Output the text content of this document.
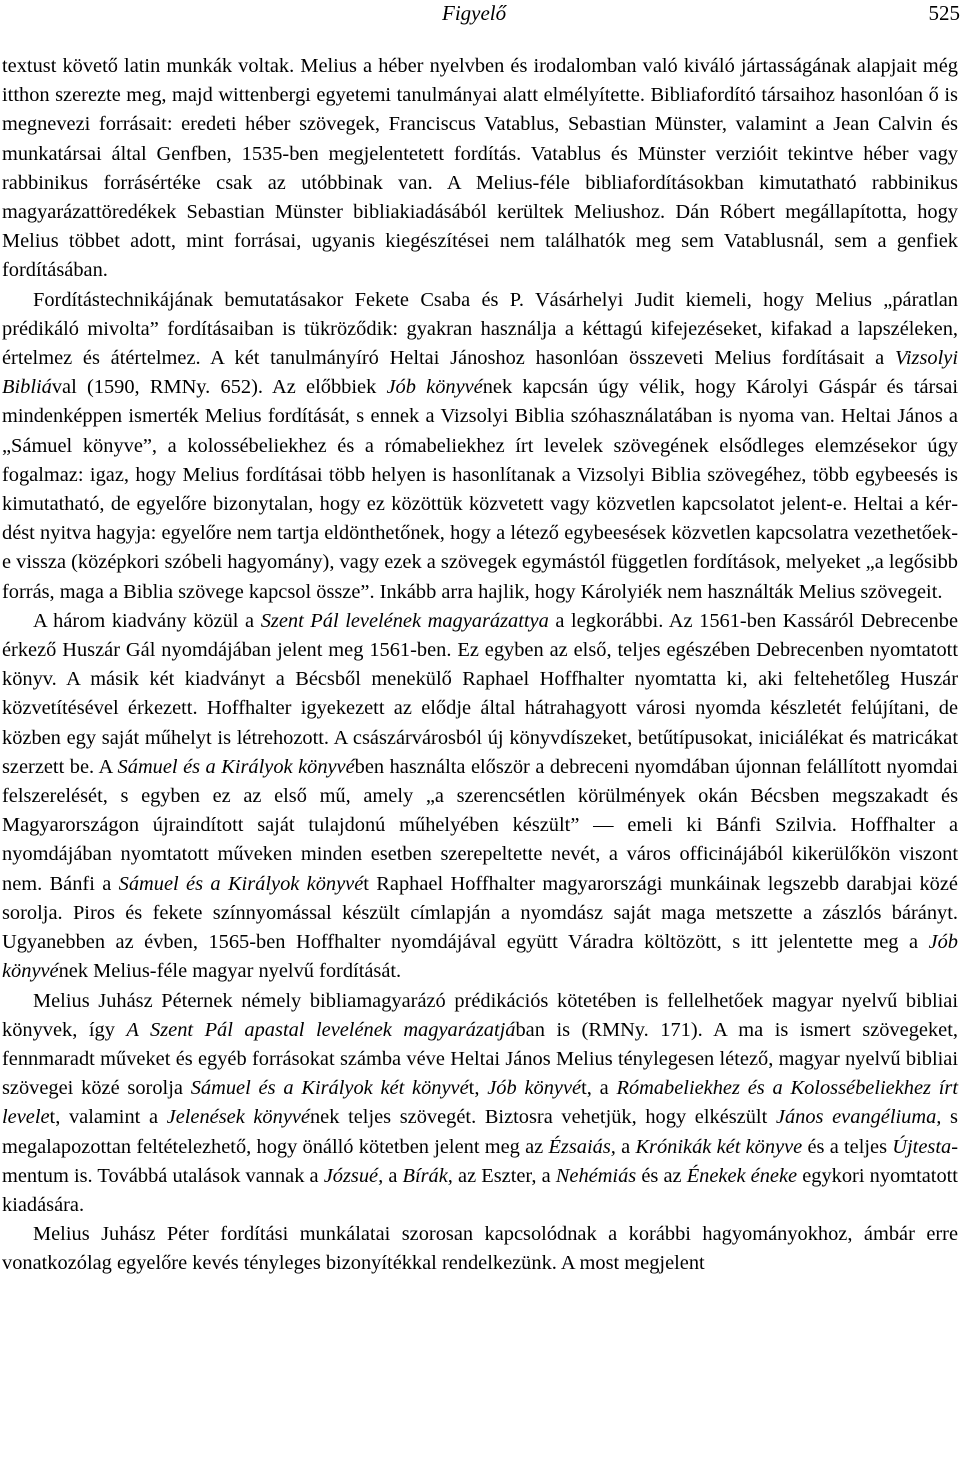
Figyelő	525

textust követő latin munkák voltak. Melius a héber nyelvben és irodalomban való kiváló jártasságának alapjait még itthon szerezte meg, majd wittenbergi egyetemi tanulmányai alatt elmélyítette. Bibliafordító társaihoz hasonlóan ő is megnevezi forrásait: eredeti héber szövegek, Franciscus Vatablus, Sebastian Münster, valamint a Jean Calvin és munkatársai által Genfben, 1535-ben megjelentetett fordítás. Vatablus és Münster verzióit tekintve héber vagy rabbinikus forrásértéke csak az utóbbinak van. A Melius-féle bibliafordításokban kimutatható rabbinikus magyarázattöredékek Sebastian Münster bibliakiadásából kerültek Meliushoz. Dán Róbert megállapította, hogy Melius többet adott, mint forrásai, ugyanis kiegészítései nem találhatók meg sem Vatablusnál, sem a genfiek fordításában.

Fordítástechnikájának bemutatásakor Fekete Csaba és P. Vásárhelyi Judit kiemeli, hogy Melius „páratlan prédikáló mivolta” fordításaiban is tükröződik: gyakran használja a kéttagú kifejezéseket, kifakad a lapszéleken, értelmez és átértelmez. A két tanulmányíró Heltai Jánoshoz hasonlóan összeveti Melius fordításait a Vizsolyi Bibliával (1590, RMNy. 652). Az előbbiek Jób könyvének kapcsán úgy vélik, hogy Károlyi Gáspár és társai mindenképpen ismerték Melius fordítását, s ennek a Vizsolyi Biblia szóhasználatában is nyoma van. Heltai János a „Sámuel könyve”, a kolossébeliekhez és a rómabeliekhez írt levelek szövegének elsődleges elemzésekor úgy fogalmaz: igaz, hogy Melius fordításai több helyen is hasonlítanak a Vizsolyi Biblia szövegéhez, több egybeesés is kimutatható, de egyelőre bizonytalan, hogy ez közöttük közvetett vagy közvetlen kapcsolatot jelent-e. Heltai a kérdést nyitva hagyja: egyelőre nem tartja eldönthetőnek, hogy a létező egybeesések közvetlen kapcsolatra vezethetőek-e vissza (középkori szóbeli hagyomány), vagy ezek a szövegek egymástól független fordítások, melyeket „a legősibb forrás, maga a Biblia szövege kapcsol össze”. Inkább arra hajlik, hogy Károlyiék nem használták Melius szövegeit.

A három kiadvány közül a Szent Pál levelének magyarázattya a legkorábbi. Az 1561-ben Kassáról Debrecenbe érkező Huszár Gál nyomdájában jelent meg 1561-ben. Ez egyben az első, teljes egészében Debrecenben nyomtatott könyv. A másik két kiadványt a Bécsből menekülő Raphael Hoffhalter nyomtatta ki, aki feltehetőleg Huszár közvetítésével érkezett. Hoffhalter igyekezett az elődje által hátrahagyott városi nyomda készletét felújítani, de közben egy saját műhelyt is létrehozott. A császárvárosból új könyvdíszeket, betűtípusokat, iniciálékat és matricákat szerzett be. A Sámuel és a Királyok könyvében használta először a debreceni nyomdában újonnan felállított nyomdai felszerelését, s egyben ez az első mű, amely „a szerencsétlen körülmények okán Bécsben megszakadt és Magyarországon újraindított saját tulajdonú műhelyében készült” — emeli ki Bánfi Szilvia. Hoffhalter a nyomdájában nyomtatott műveken minden esetben szerepeltette nevét, a város officinájából kikerülőkön viszont nem. Bánfi a Sámuel és a Királyok könyvét Raphael Hoffhalter magyarországi munkáinak legszebb darabjai közé sorolja. Piros és fekete színnyomással készült címlapján a nyomdász saját maga metszette a zászlós bárányt. Ugyanebben az évben, 1565-ben Hoffhalter nyomdájával együtt Váradra költözött, s itt jelentette meg a Jób könyvének Melius-féle magyar nyelvű fordítását.

Melius Juhász Péternek némely bibliamagyarázó prédikációs kötetében is fellelhetőek magyar nyelvű bibliai könyvek, így A Szent Pál apastal levelének magyarázatjában is (RMNy. 171). A ma is ismert szövegeket, fennmaradt műveket és egyéb forrásokat számba véve Heltai János Melius ténylegesen létező, magyar nyelvű bibliai szövegei közé sorolja Sámuel és a Királyok két könyvét, Jób könyvét, a Rómabeliekhez és a Kolossébeliekhez írt levelet, valamint a Jelenések könyvének teljes szövegét. Biztosra vehetjük, hogy elkészült János evangéliuma, s megalapozottan feltételezhető, hogy önálló kötetben jelent meg az Ézsaiás, a Krónikák két könyve és a teljes Újtestamentum is. Továbbá utalások vannak a Józsué, a Bírák, az Eszter, a Nehémiás és az Énekek éneke egykori nyomtatott kiadására.

Melius Juhász Péter fordítási munkálatai szorosan kapcsolódnak a korábbi hagyományokhoz, ámbár erre vonatkozólag egyelőre kevés tényleges bizonyítékkal rendelkezünk. A most megjelent
